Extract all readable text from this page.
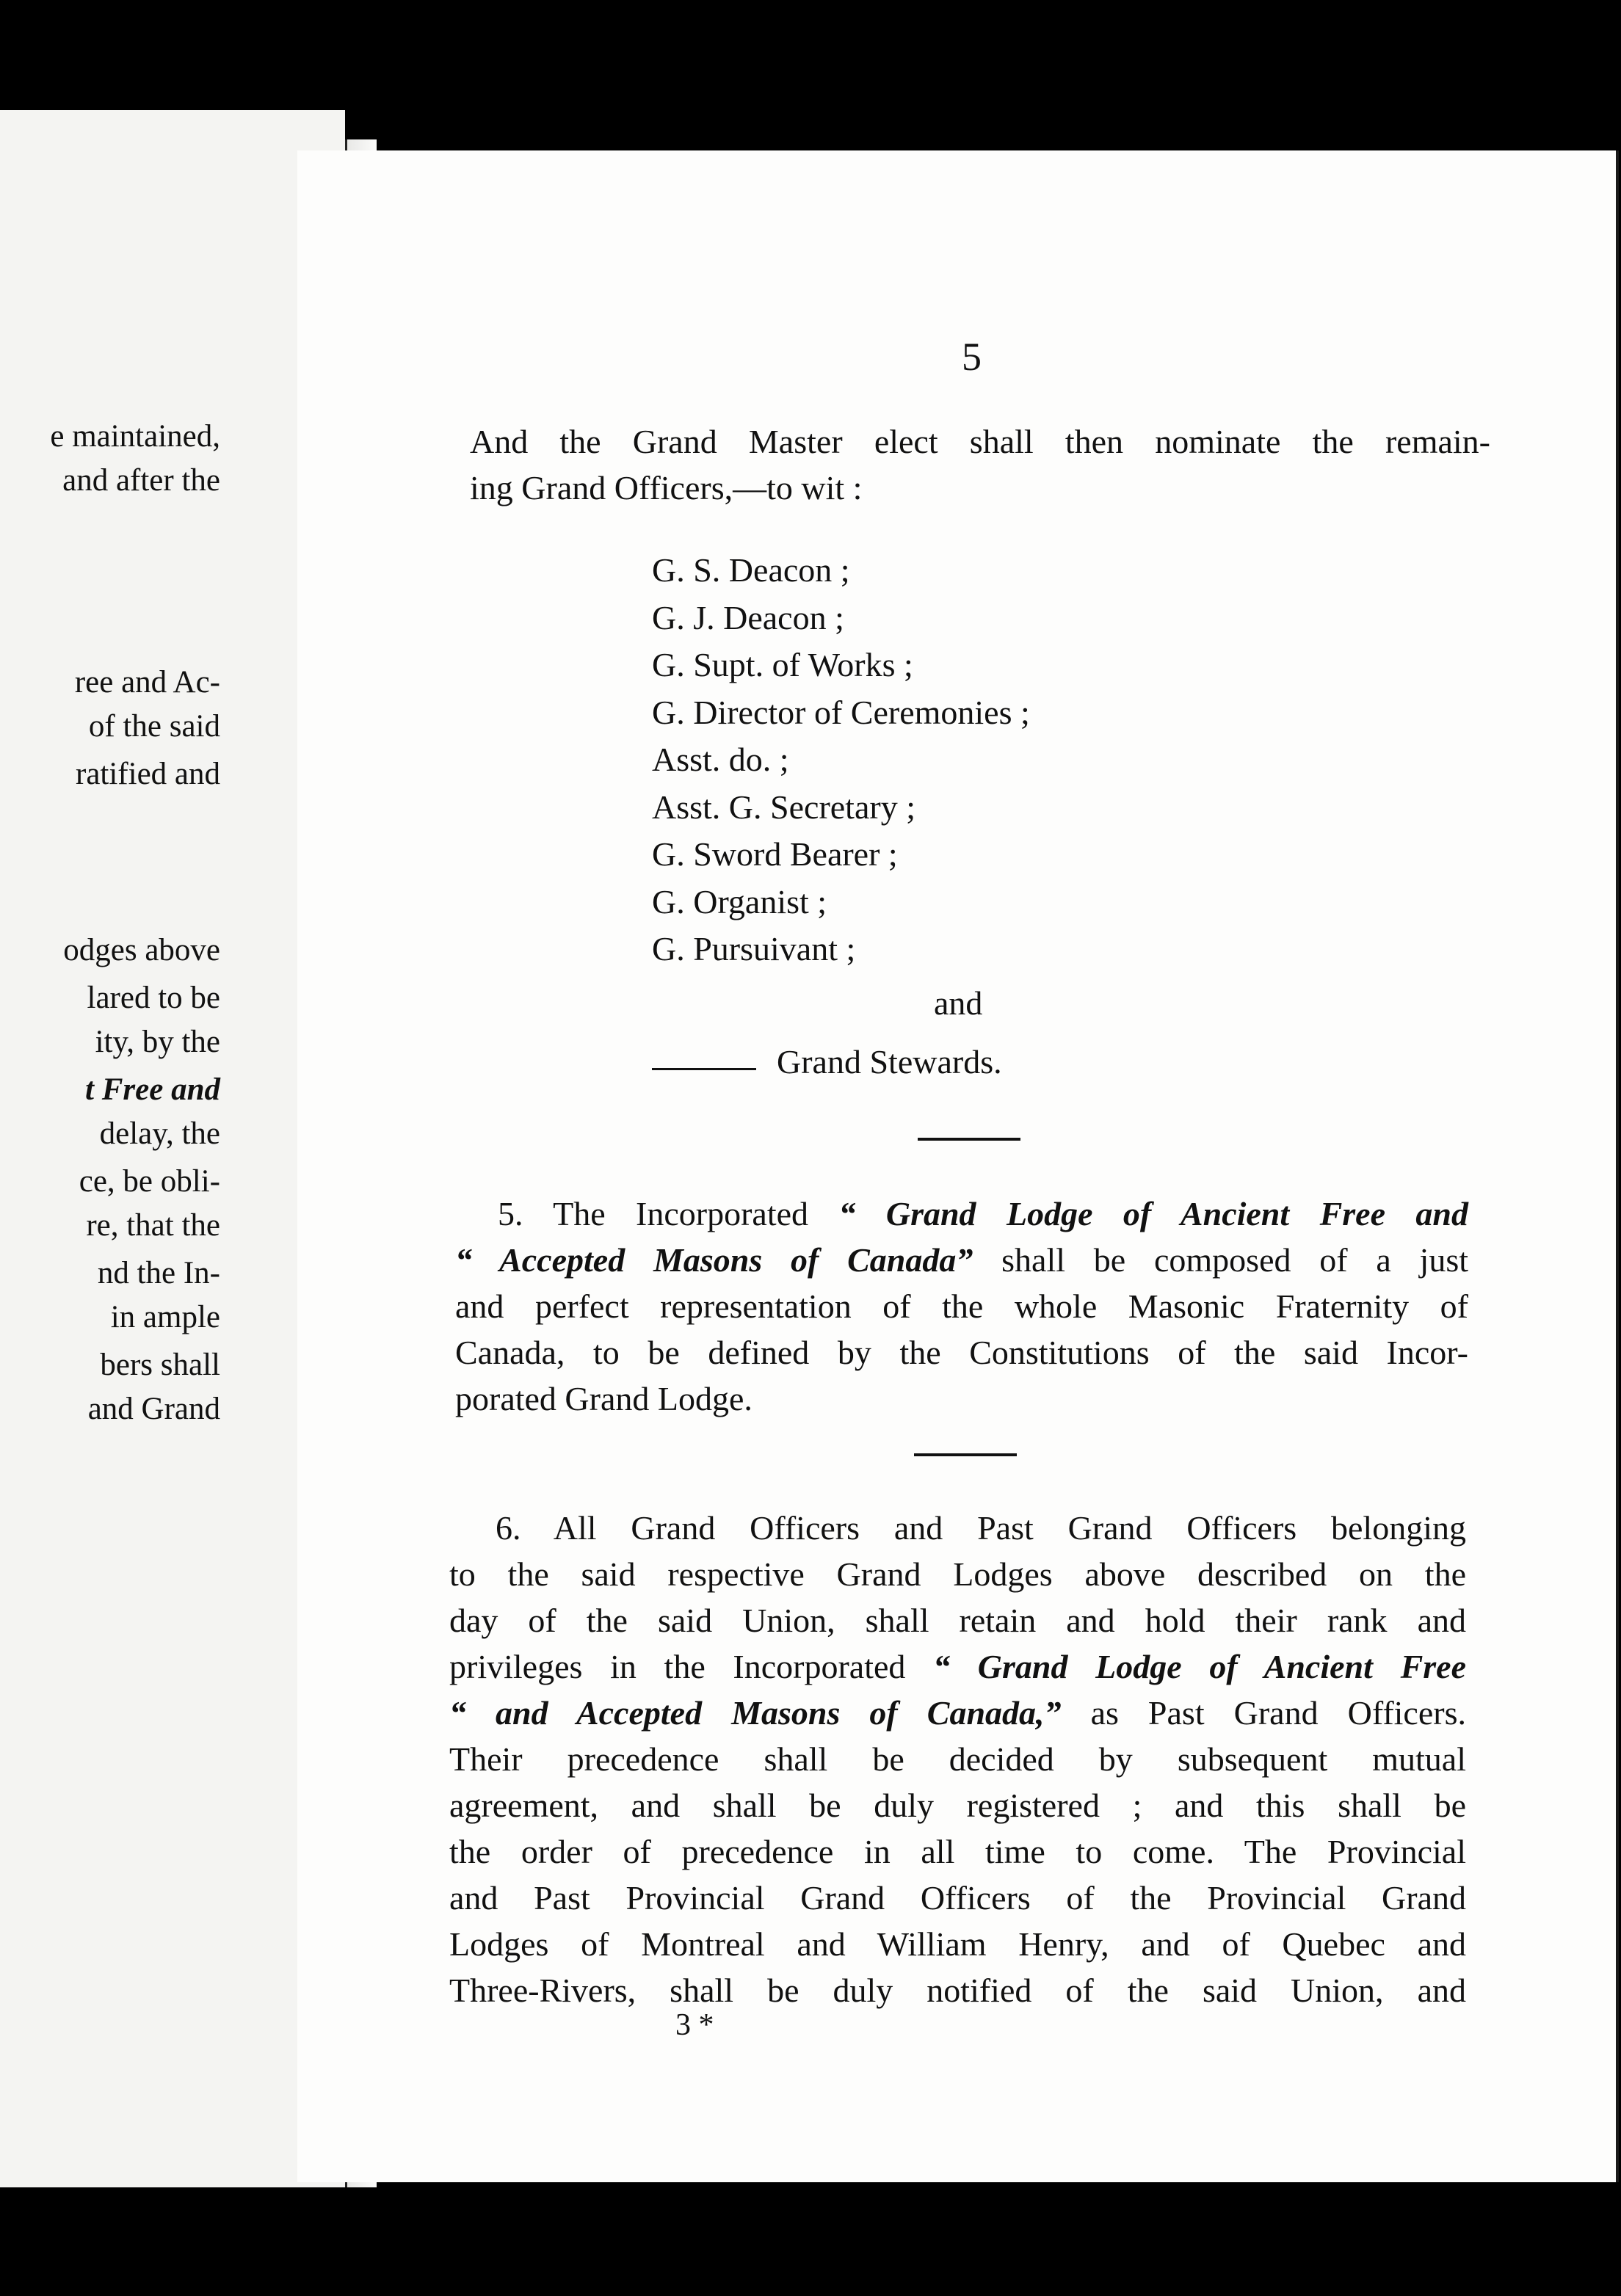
e maintained,
and after the
ree and Ac-
of the said
ratified and
odges above
lared to be
ity, by the
t Free and
delay, the
ce, be obli-
re, that the
nd the In-
in ample
bers shall
and Grand
5
And the Grand Master elect shall then nominate the remain-
ing Grand Officers,—to wit :
G. S. Deacon ;
G. J. Deacon ;
G. Supt. of Works ;
G. Director of Ceremonies ;
Asst. do. ;
Asst. G. Secretary ;
G. Sword Bearer ;
G. Organist ;
G. Pursuivant ;
and
Grand Stewards.
5. The Incorporated “ Grand Lodge of Ancient Free and
“ Accepted Masons of Canada” shall be composed of a just
and perfect representation of the whole Masonic Fraternity of
Canada, to be defined by the Constitutions of the said Incor-
porated Grand Lodge.
6. All Grand Officers and Past Grand Officers belonging
to the said respective Grand Lodges above described on the
day of the said Union, shall retain and hold their rank and
privileges in the Incorporated “ Grand Lodge of Ancient Free
“ and Accepted Masons of Canada,” as Past Grand Officers.
Their precedence shall be decided by subsequent mutual
agreement, and shall be duly registered ; and this shall be
the order of precedence in all time to come. The Provincial
and Past Provincial Grand Officers of the Provincial Grand
Lodges of Montreal and William Henry, and of Quebec and
Three-Rivers, shall be duly notified of the said Union, and
3 *
